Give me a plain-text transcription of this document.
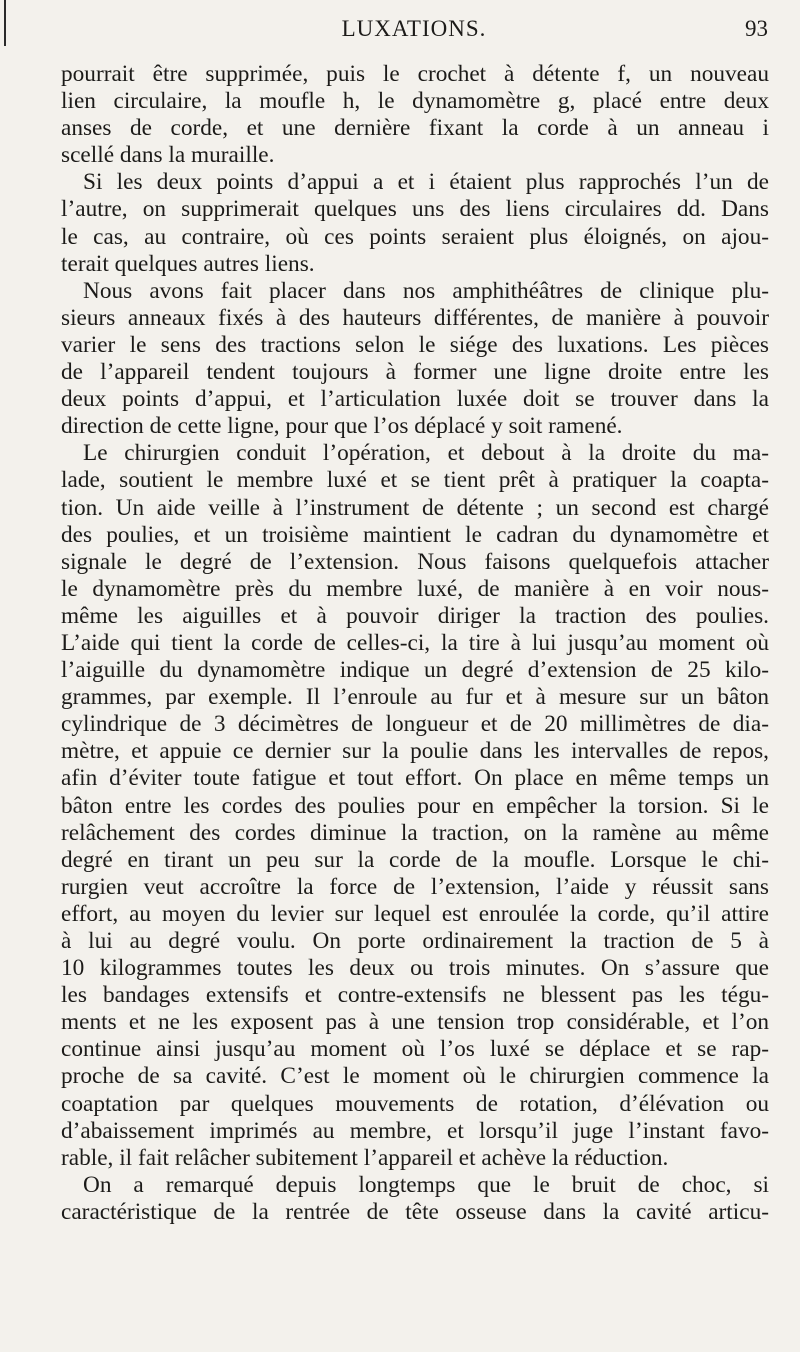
LUXATIONS.	93
pourrait être supprimée, puis le crochet à détente f, un nouveau
lien circulaire, la moufle h, le dynamomètre g, placé entre deux
anses de corde, et une dernière fixant la corde à un anneau i
scellé dans la muraille.
Si les deux points d’appui a et i étaient plus rapprochés l’un de
l’autre, on supprimerait quelques uns des liens circulaires dd. Dans
le cas, au contraire, où ces points seraient plus éloignés, on ajou-
terait quelques autres liens.
Nous avons fait placer dans nos amphithéâtres de clinique plu-
sieurs anneaux fixés à des hauteurs différentes, de manière à pouvoir
varier le sens des tractions selon le siége des luxations. Les pièces
de l’appareil tendent toujours à former une ligne droite entre les
deux points d’appui, et l’articulation luxée doit se trouver dans la
direction de cette ligne, pour que l’os déplacé y soit ramené.
Le chirurgien conduit l’opération, et debout à la droite du ma-
lade, soutient le membre luxé et se tient prêt à pratiquer la coapta-
tion. Un aide veille à l’instrument de détente ; un second est chargé
des poulies, et un troisième maintient le cadran du dynamomètre et
signale le degré de l’extension. Nous faisons quelquefois attacher
le dynamomètre près du membre luxé, de manière à en voir nous-
même les aiguilles et à pouvoir diriger la traction des poulies.
L’aide qui tient la corde de celles-ci, la tire à lui jusqu’au moment où
l’aiguille du dynamomètre indique un degré d’extension de 25 kilo-
grammes, par exemple. Il l’enroule au fur et à mesure sur un bâton
cylindrique de 3 décimètres de longueur et de 20 millimètres de dia-
mètre, et appuie ce dernier sur la poulie dans les intervalles de repos,
afin d’éviter toute fatigue et tout effort. On place en même temps un
bâton entre les cordes des poulies pour en empêcher la torsion. Si le
relâchement des cordes diminue la traction, on la ramène au même
degré en tirant un peu sur la corde de la moufle. Lorsque le chi-
rurgien veut accroître la force de l’extension, l’aide y réussit sans
effort, au moyen du levier sur lequel est enroulée la corde, qu’il attire
à lui au degré voulu. On porte ordinairement la traction de 5 à
10 kilogrammes toutes les deux ou trois minutes. On s’assure que
les bandages extensifs et contre-extensifs ne blessent pas les tégu-
ments et ne les exposent pas à une tension trop considérable, et l’on
continue ainsi jusqu’au moment où l’os luxé se déplace et se rap-
proche de sa cavité. C’est le moment où le chirurgien commence la
coaptation par quelques mouvements de rotation, d’élévation ou
d’abaissement imprimés au membre, et lorsqu’il juge l’instant favo-
rable, il fait relâcher subitement l’appareil et achève la réduction.
On a remarqué depuis longtemps que le bruit de choc, si
caractéristique de la rentrée de tête osseuse dans la cavité articu-
